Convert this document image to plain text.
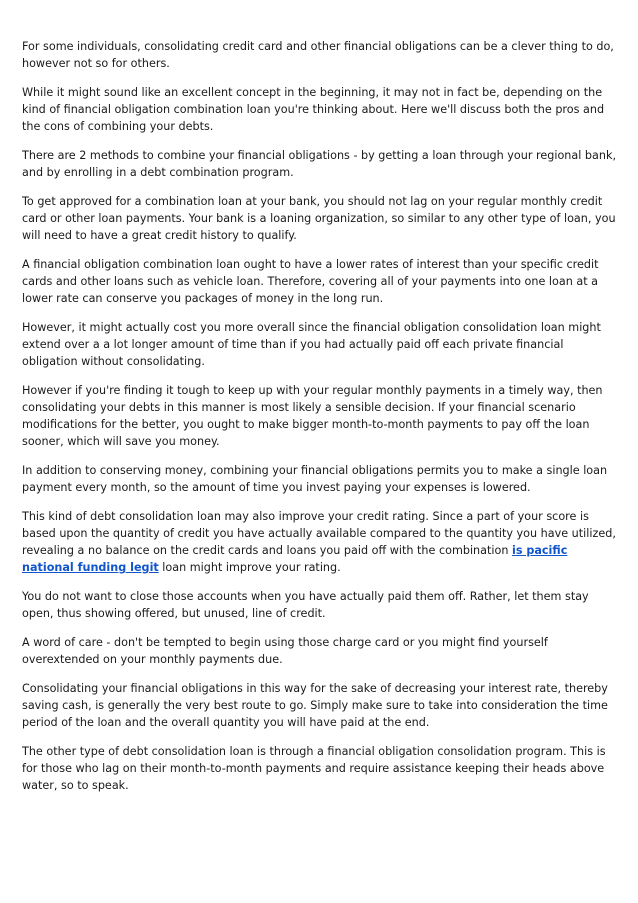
For some individuals, consolidating credit card and other financial obligations can be a clever thing to do, however not so for others.

While it might sound like an excellent concept in the beginning, it may not in fact be, depending on the kind of financial obligation combination loan you're thinking about. Here we'll discuss both the pros and the cons of combining your debts.

There are 2 methods to combine your financial obligations - by getting a loan through your regional bank, and by enrolling in a debt combination program.

To get approved for a combination loan at your bank, you should not lag on your regular monthly credit card or other loan payments. Your bank is a loaning organization, so similar to any other type of loan, you will need to have a great credit history to qualify.

A financial obligation combination loan ought to have a lower rates of interest than your specific credit cards and other loans such as vehicle loan. Therefore, covering all of your payments into one loan at a lower rate can conserve you packages of money in the long run.

However, it might actually cost you more overall since the financial obligation consolidation loan might extend over a a lot longer amount of time than if you had actually paid off each private financial obligation without consolidating.

However if you're finding it tough to keep up with your regular monthly payments in a timely way, then consolidating your debts in this manner is most likely a sensible decision. If your financial scenario modifications for the better, you ought to make bigger month-to-month payments to pay off the loan sooner, which will save you money.

In addition to conserving money, combining your financial obligations permits you to make a single loan payment every month, so the amount of time you invest paying your expenses is lowered.

This kind of debt consolidation loan may also improve your credit rating. Since a part of your score is based upon the quantity of credit you have actually available compared to the quantity you have utilized, revealing a no balance on the credit cards and loans you paid off with the combination is pacific national funding legit loan might improve your rating.

You do not want to close those accounts when you have actually paid them off. Rather, let them stay open, thus showing offered, but unused, line of credit.

A word of care - don't be tempted to begin using those charge card or you might find yourself overextended on your monthly payments due.

Consolidating your financial obligations in this way for the sake of decreasing your interest rate, thereby saving cash, is generally the very best route to go. Simply make sure to take into consideration the time period of the loan and the overall quantity you will have paid at the end.

The other type of debt consolidation loan is through a financial obligation consolidation program. This is for those who lag on their month-to-month payments and require assistance keeping their heads above water, so to speak.
